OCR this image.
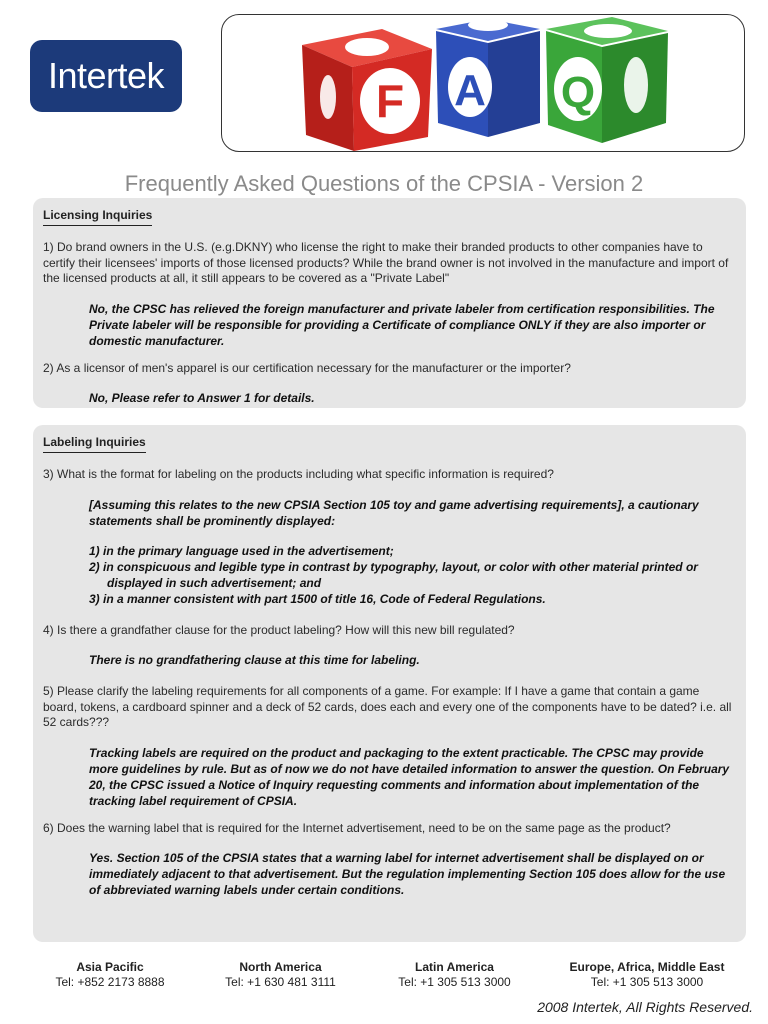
Intertek	F A Q
Frequently Asked Questions of the CPSIA - Version 2
Licensing Inquiries

1) Do brand owners in the U.S. (e.g.DKNY) who license the right to make their branded products to other companies have to certify their licensees' imports of those licensed products? While the brand owner is not involved in the manufacture and import of the licensed products at all, it still appears to be covered as a "Private Label"

No, the CPSC has relieved the foreign manufacturer and private labeler from certification responsibilities. The Private labeler will be responsible for providing a Certificate of compliance ONLY if they are also importer or domestic manufacturer.

2) As a licensor of men's apparel is our certification necessary for the manufacturer or the importer?

No, Please refer to Answer 1 for details.

Labeling Inquiries

3) What is the format for labeling on the products including what specific information is required?

[Assuming this relates to the new CPSIA Section 105 toy and game advertising requirements], a cautionary statements shall be prominently displayed:

1) in the primary language used in the advertisement;
2) in conspicuous and legible type in contrast by typography, layout, or color with other material printed or displayed in such advertisement; and
3) in a manner consistent with part 1500 of title 16, Code of Federal Regulations.

4) Is there a grandfather clause for the product labeling? How will this new bill regulated?

There is no grandfathering clause at this time for labeling.

5) Please clarify the labeling requirements for all components of a game. For example: If I have a game that contain a game board, tokens, a cardboard spinner and a deck of 52 cards, does each and every one of the components have to be dated? i.e. all 52 cards???

Tracking labels are required on the product and packaging to the extent practicable. The CPSC may provide more guidelines by rule. But as of now we do not have detailed information to answer the question. On February 20, the CPSC issued a Notice of Inquiry requesting comments and information about implementation of the tracking label requirement of CPSIA.

6) Does the warning label that is required for the Internet advertisement, need to be on the same page as the product?

Yes. Section 105 of the CPSIA states that a warning label for internet advertisement shall be displayed on or immediately adjacent to that advertisement. But the regulation implementing Section 105 does allow for the use of abbreviated warning labels under certain conditions.

Asia Pacific
Tel: +852 2173 8888
North America
Tel: +1 630 481 3111
Latin America
Tel: +1 305 513 3000
Europe, Africa, Middle East
Tel: +1 305 513 3000
2008 Intertek, All Rights Reserved.
